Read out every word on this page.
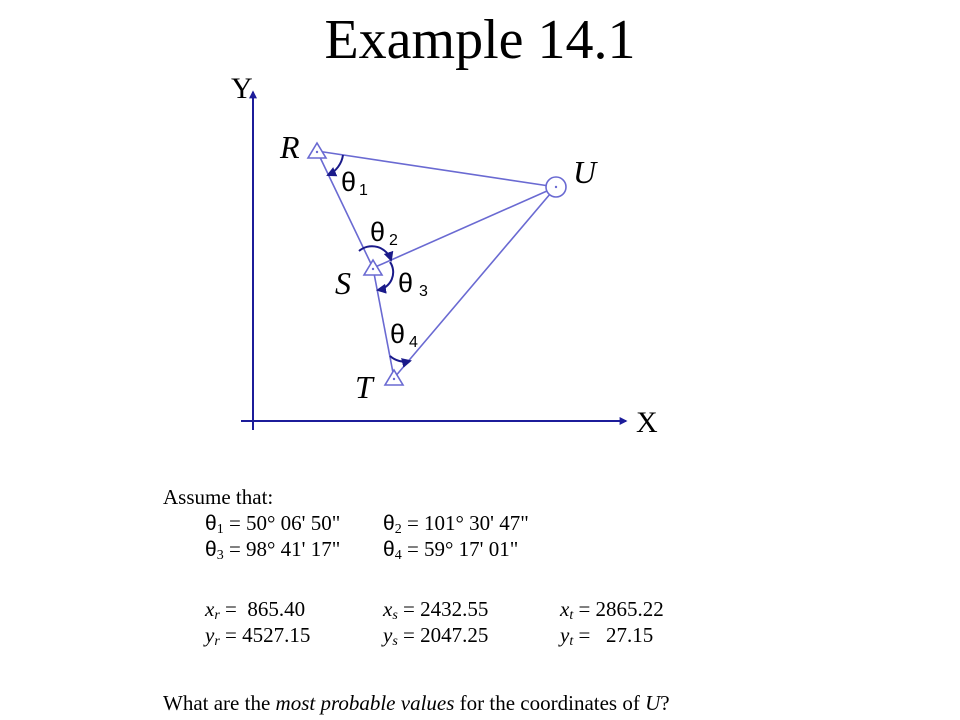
Example 14.1
Y
X
R
S
T
U
θ 1
θ 2
θ 3
θ 4
Assume that:
$\theta_1 = 50^\circ$ 06' 50" $\theta_2 = 101^\circ$ 30' 47"
$\theta_3 = 98^\circ$ 41' 17" $\theta_4 = 59^\circ$ 17' 01"
$x_r = 865.40$	$x_s = 2432.55$	$x_t = 2865.22$
$y_r = 4527.15$	$y_s = 2047.25$	$y_t = 27.15$
What are the most probable values for the coordinates of U?
